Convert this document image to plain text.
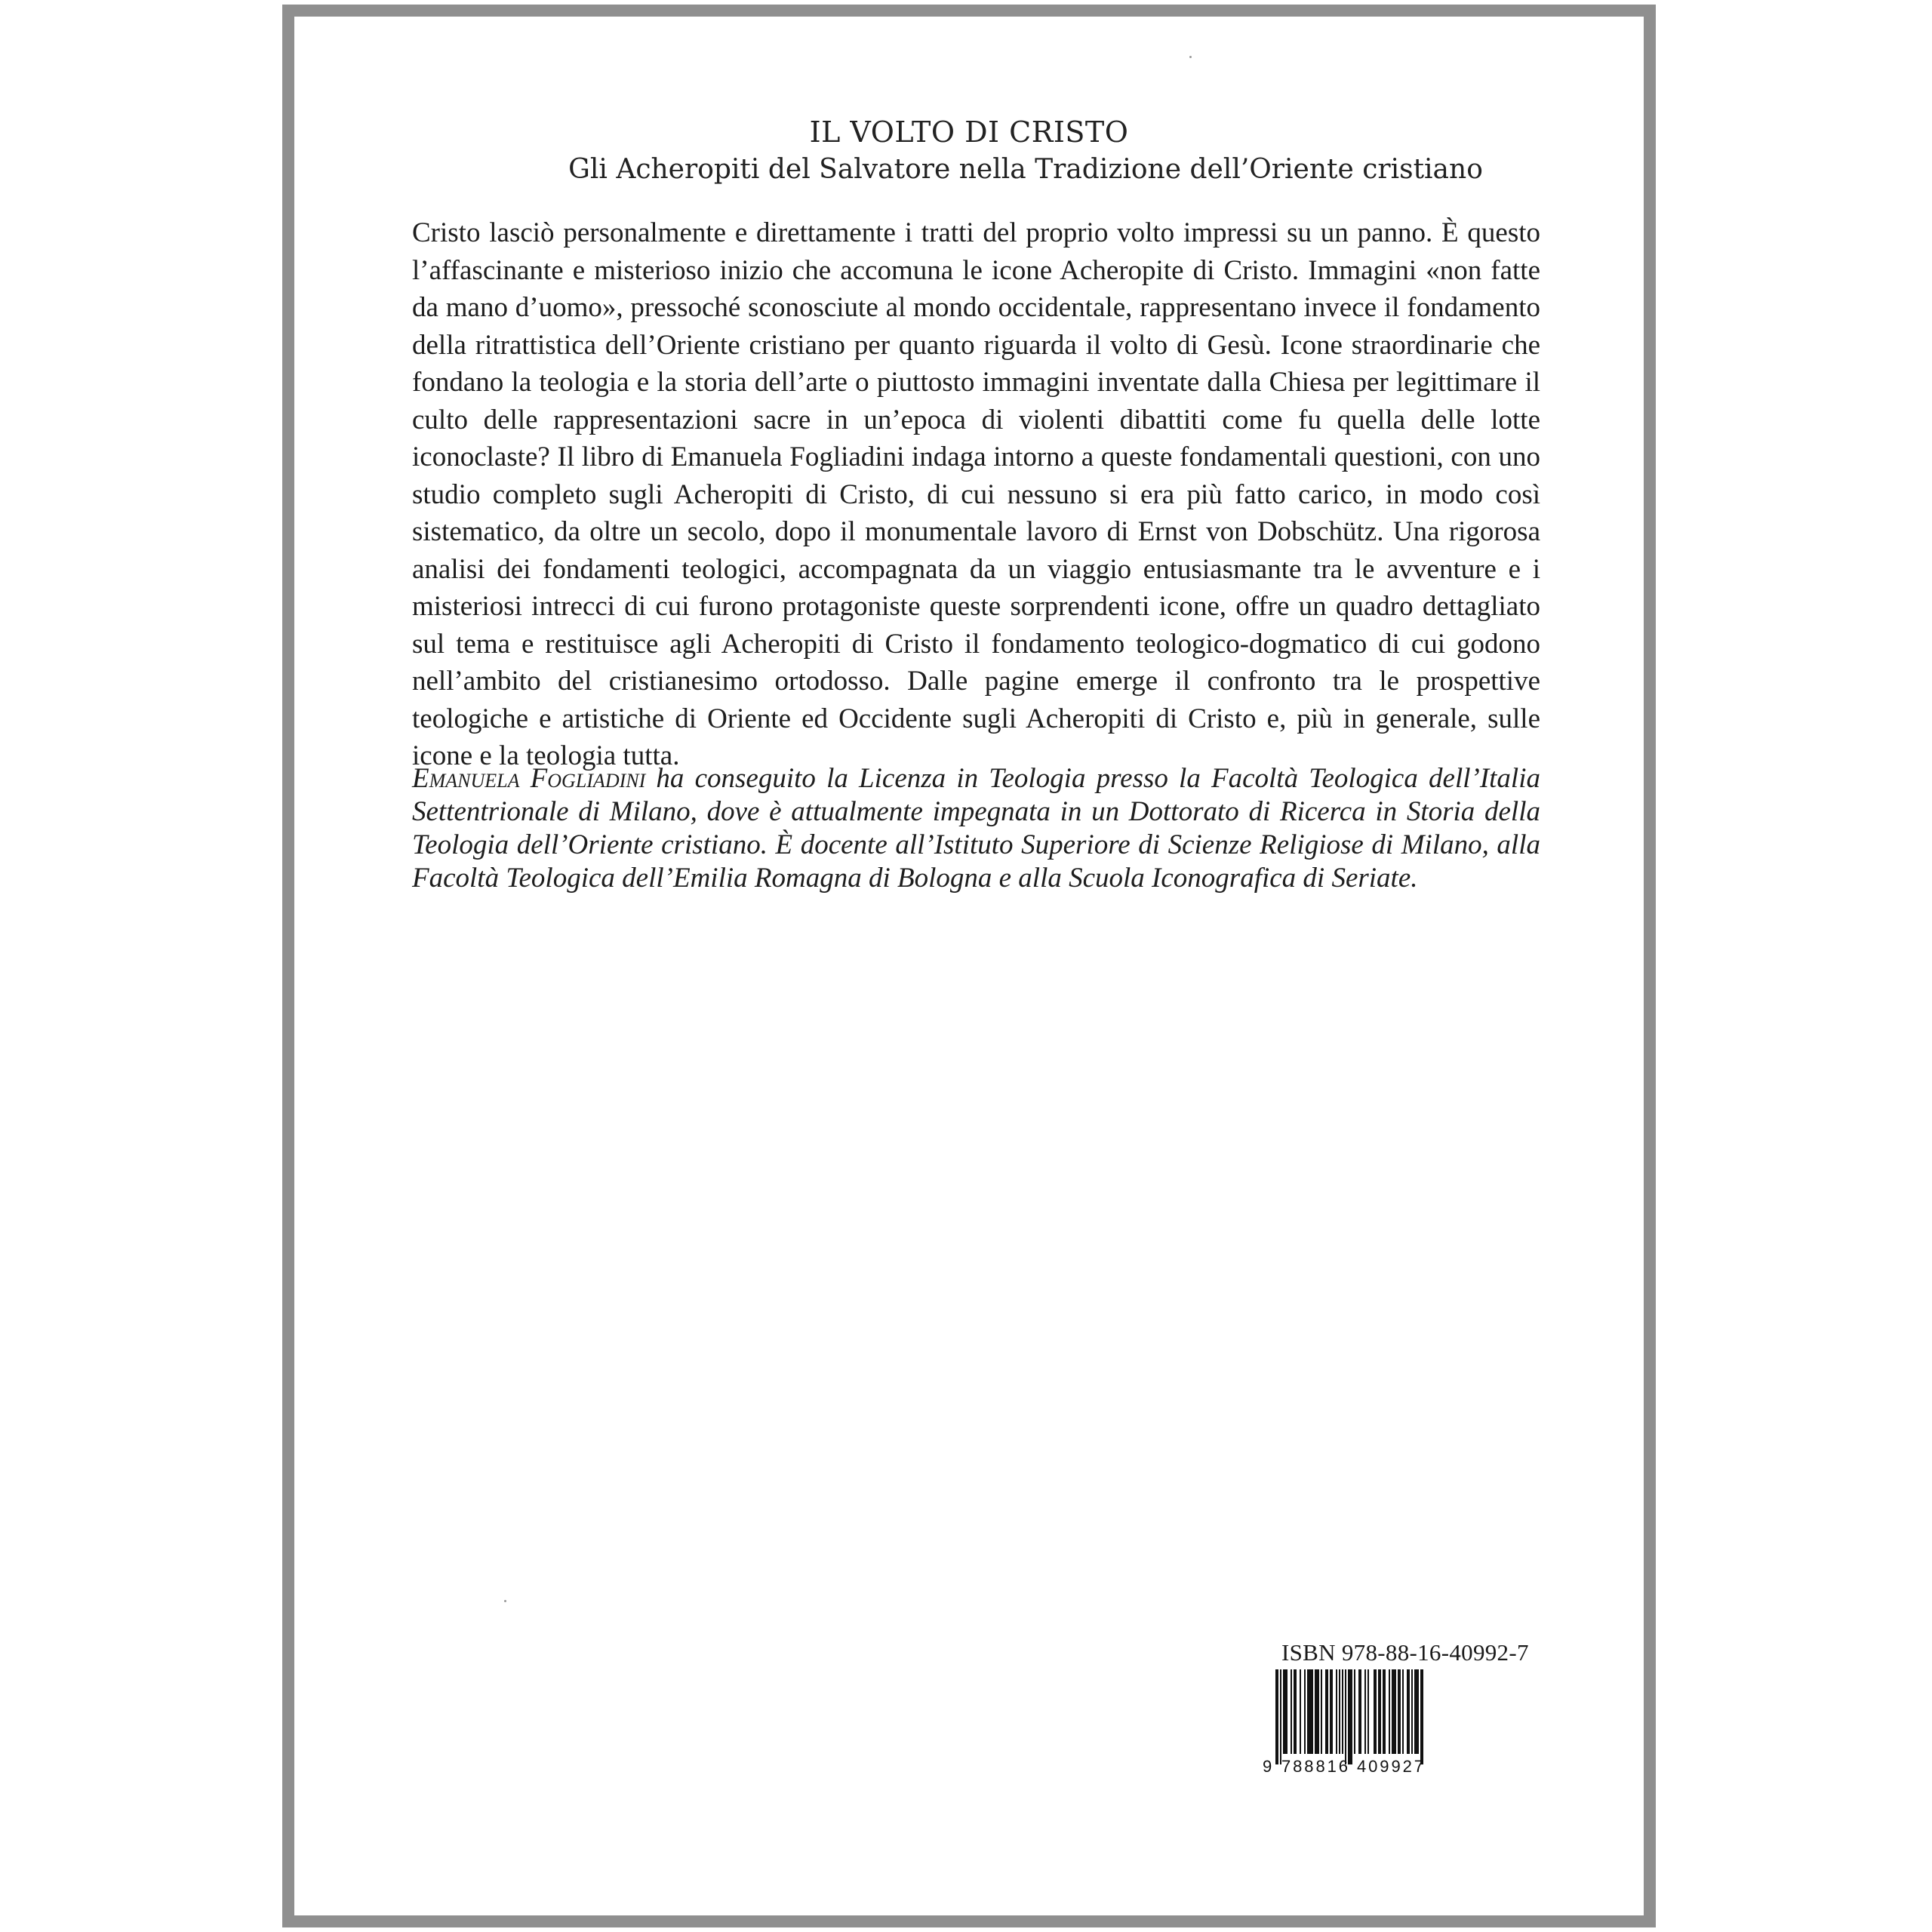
IL VOLTO DI CRISTO
Gli Acheropiti del Salvatore nella Tradizione dell’Oriente cristiano

Cristo lasciò personalmente e direttamente i tratti del proprio volto impressi su un panno. È questo l’affascinante e misterioso inizio che accomuna le icone Acheropite di Cristo. Immagini «non fatte da mano d’uomo», pressoché sconosciute al mondo occidentale, rappresentano invece il fondamento della ritrattistica dell’Oriente cristiano per quanto riguarda il volto di Gesù. Icone straordinarie che fondano la teologia e la storia dell’arte o piuttosto immagini inventate dalla Chiesa per legittimare il culto delle rappresentazioni sacre in un’epoca di violenti dibattiti come fu quella delle lotte iconoclaste? Il libro di Emanuela Fogliadini indaga intorno a queste fondamentali questioni, con uno studio completo sugli Acheropiti di Cristo, di cui nessuno si era più fatto carico, in modo così sistematico, da oltre un secolo, dopo il monumentale lavoro di Ernst von Dobschütz. Una rigorosa analisi dei fondamenti teologici, accompagnata da un viaggio entusiasmante tra le avventure e i misteriosi intrecci di cui furono protagoniste queste sorprendenti icone, offre un quadro dettagliato sul tema e restituisce agli Acheropiti di Cristo il fondamento teologico-dogmatico di cui godono nell’ambito del cristianesimo ortodosso. Dalle pagine emerge il confronto tra le prospettive teologiche e artistiche di Oriente ed Occidente sugli Acheropiti di Cristo e, più in generale, sulle icone e la teologia tutta.

Emanuela Fogliadini ha conseguito la Licenza in Teologia presso la Facoltà Teologica dell’Italia Settentrionale di Milano, dove è attualmente impegnata in un Dottorato di Ricerca in Storia della Teologia dell’Oriente cristiano. È docente all’Istituto Superiore di Scienze Religiose di Milano, alla Facoltà Teologica dell’Emilia Romagna di Bologna e alla Scuola Iconografica di Seriate.

ISBN 978-88-16-40992-7
9 788816 409927
